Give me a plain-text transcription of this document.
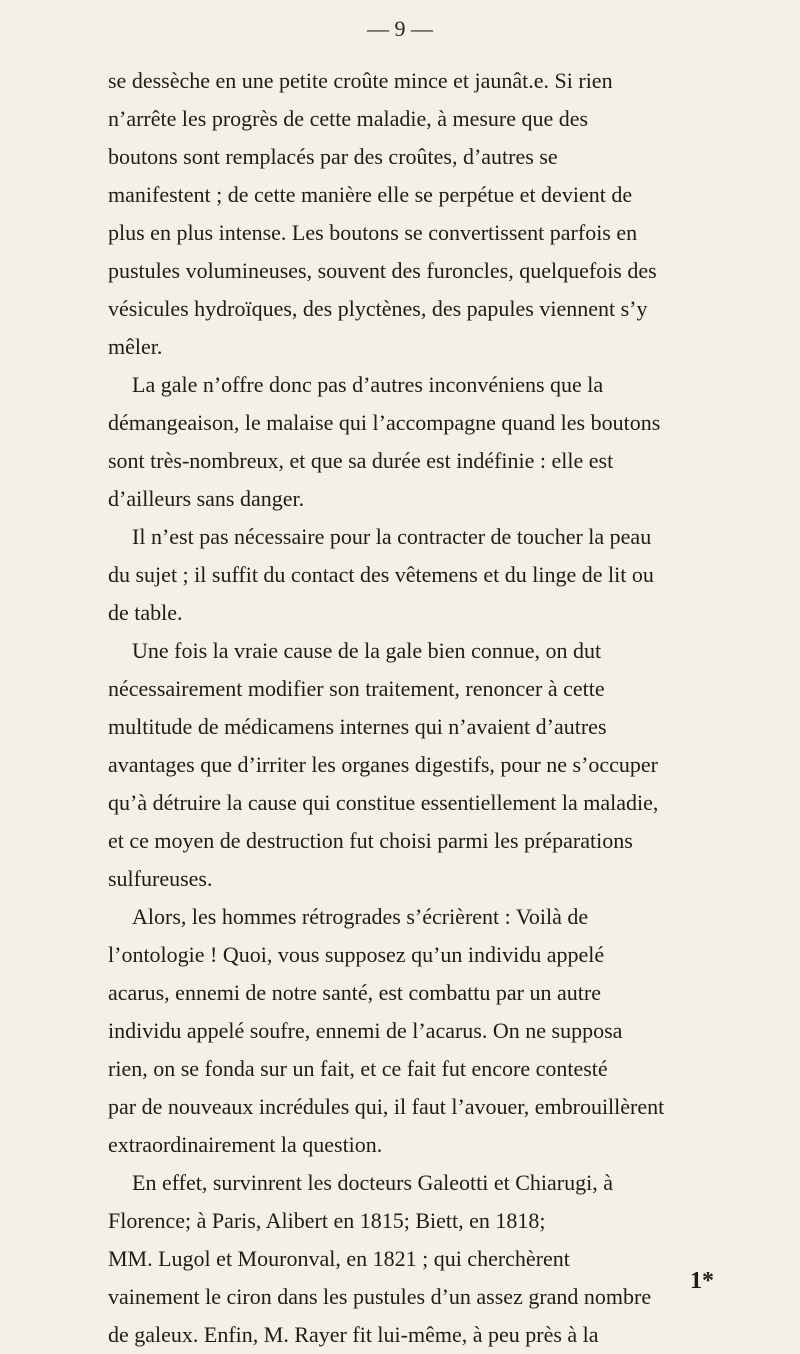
— 9 —
se dessèche en une petite croûte mince et jaunât.e. Si rien
n’arrête les progrès de cette maladie, à mesure que des
boutons sont remplacés par des croûtes, d’autres se
manifestent ; de cette manière elle se perpétue et devient de
plus en plus intense. Les boutons se convertissent parfois en
pustules volumineuses, souvent des furoncles, quelquefois des
vésicules hydroïques, des plyctènes, des papules viennent s’y
mêler.
La gale n’offre donc pas d’autres inconvéniens que la
démangeaison, le malaise qui l’accompagne quand les boutons
sont très-nombreux, et que sa durée est indéfinie : elle est
d’ailleurs sans danger.
Il n’est pas nécessaire pour la contracter de toucher la peau
du sujet ; il suffit du contact des vêtemens et du linge de lit ou
de table.
Une fois la vraie cause de la gale bien connue, on dut
nécessairement modifier son traitement, renoncer à cette
multitude de médicamens internes qui n’avaient d’autres
avantages que d’irriter les organes digestifs, pour ne s’occuper
qu’à détruire la cause qui constitue essentiellement la maladie,
et ce moyen de destruction fut choisi parmi les préparations
sulfureuses.
Alors, les hommes rétrogrades s’écrièrent : Voilà de
l’ontologie ! Quoi, vous supposez qu’un individu appelé
acarus, ennemi de notre santé, est combattu par un autre
individu appelé soufre, ennemi de l’acarus. On ne supposa
rien, on se fonda sur un fait, et ce fait fut encore contesté
par de nouveaux incrédules qui, il faut l’avouer, embrouillèrent
extraordinairement la question.
En effet, survinrent les docteurs Galeotti et Chiarugi, à
Florence; à Paris, Alibert en 1815; Biett, en 1818;
MM. Lugol et Mouronval, en 1821 ; qui cherchèrent
vainement le ciron dans les pustules d’un assez grand nombre
de galeux. Enfin, M. Rayer fit lui-même, à peu près à la
1*
